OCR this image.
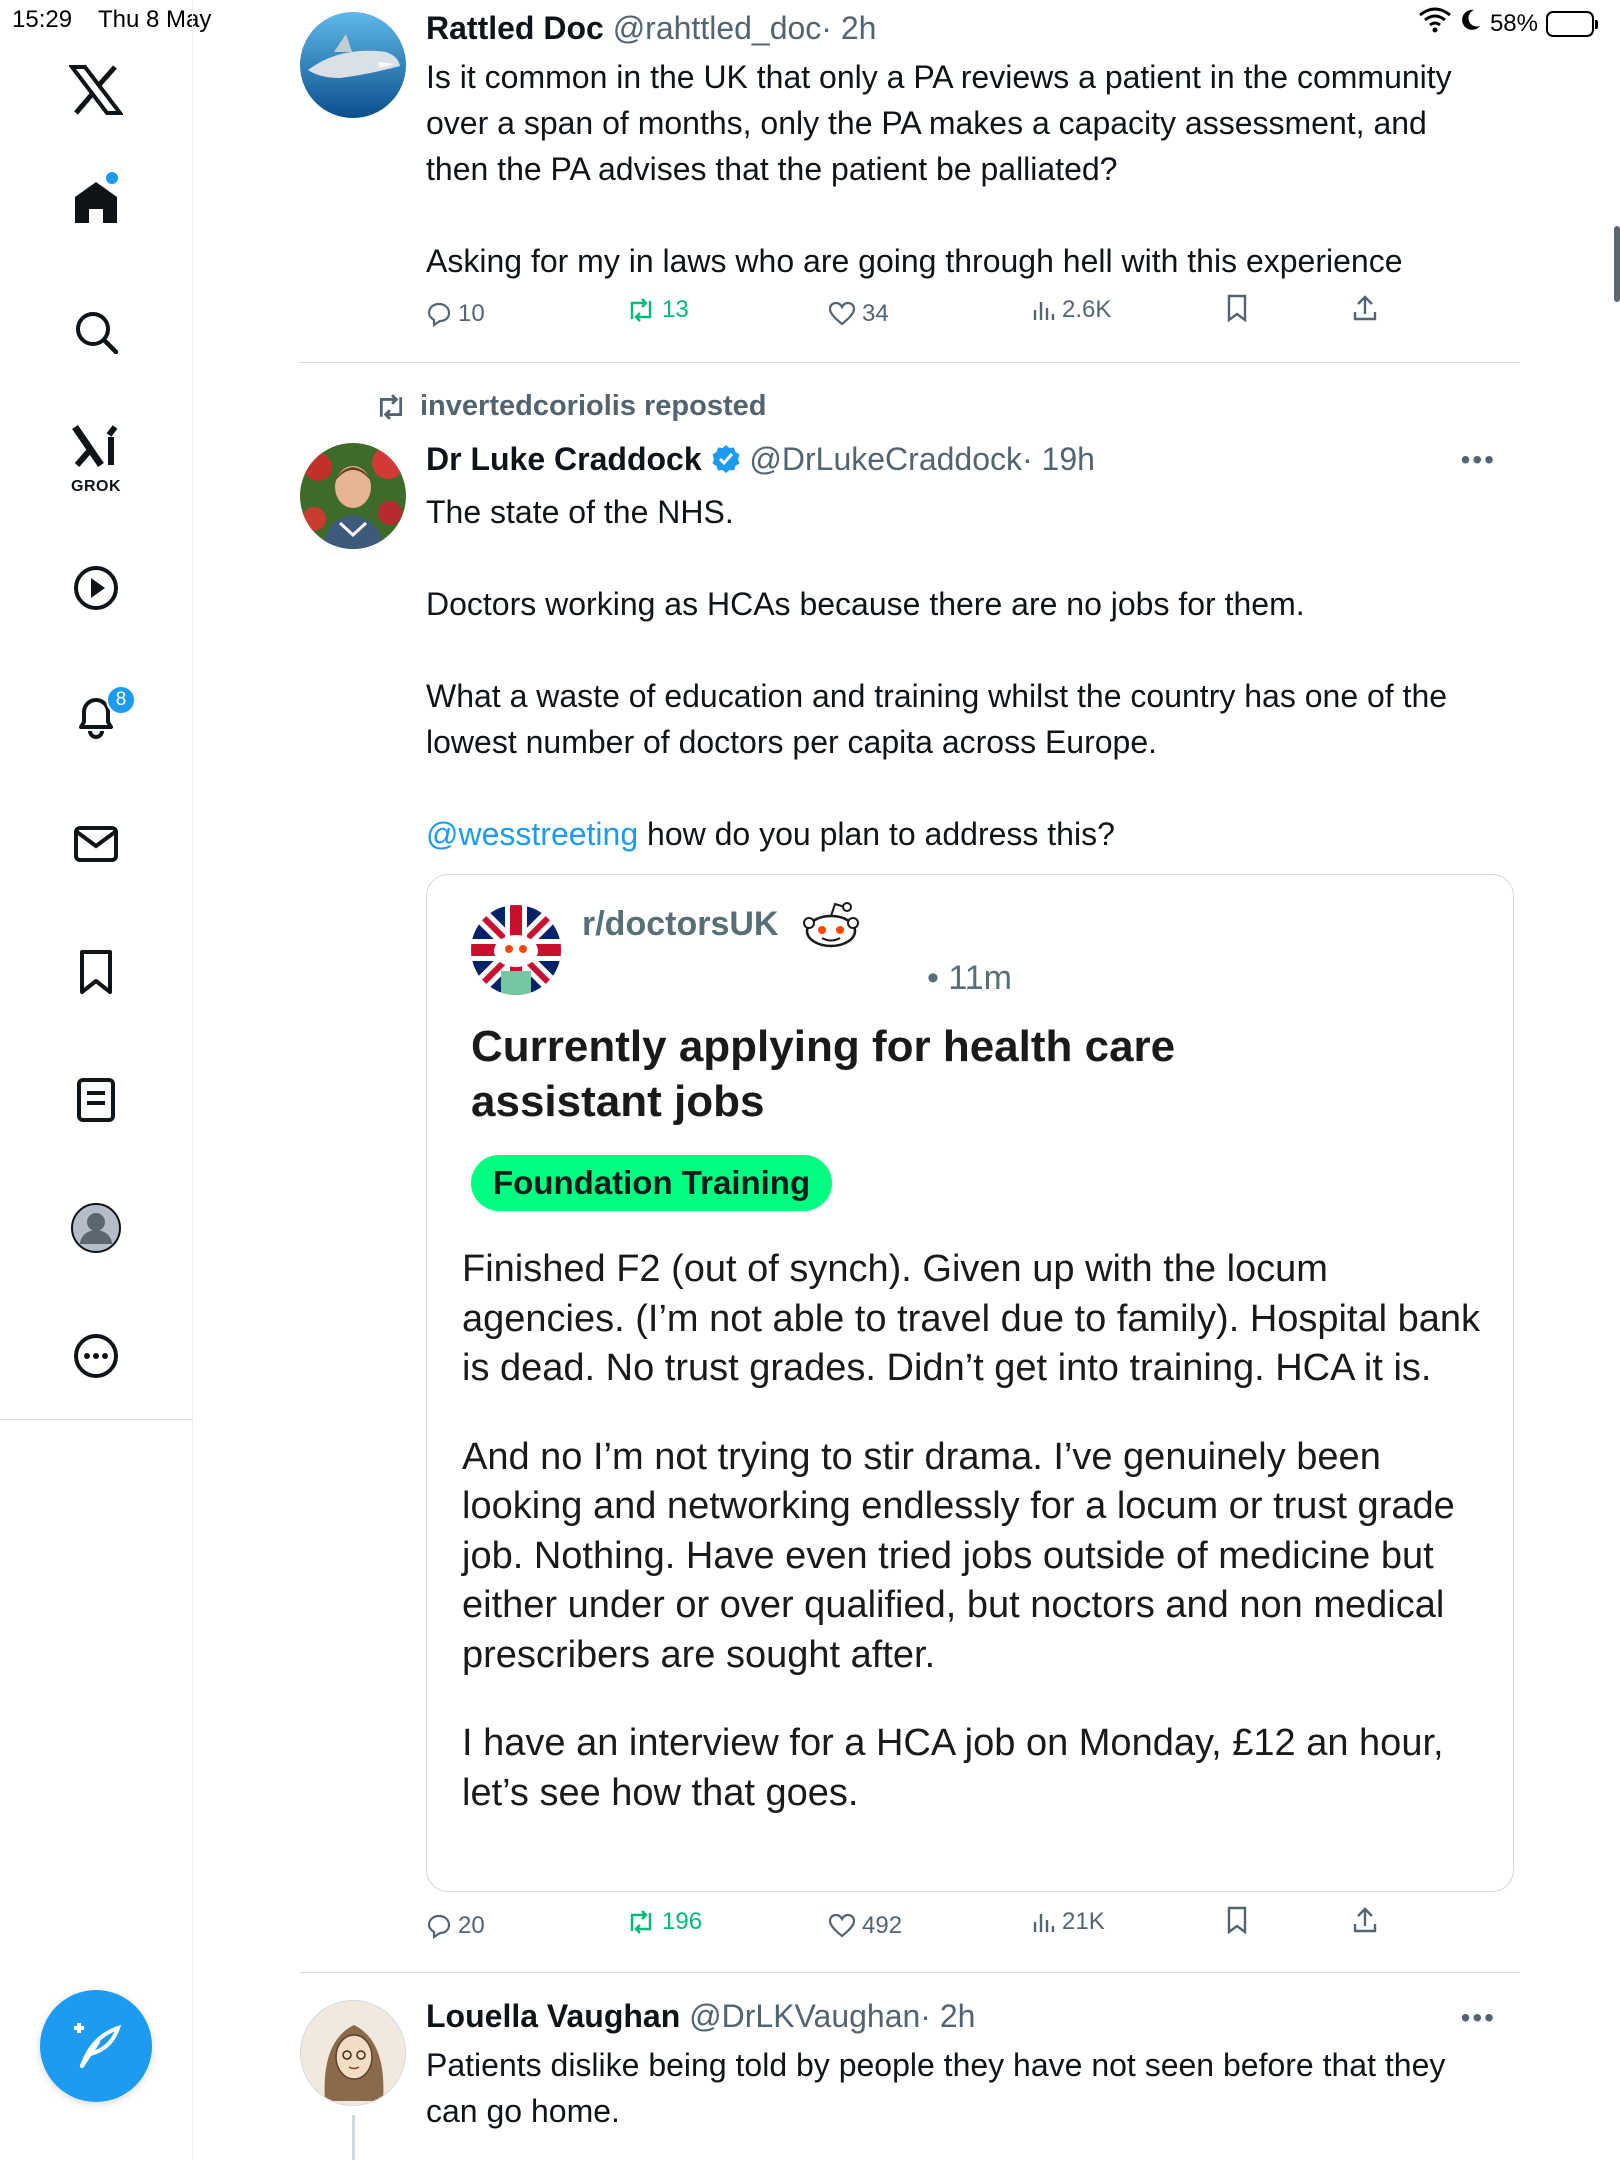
15:29 Thu 8 May	58%
GROK
8
Rattled Doc @rahttled_doc· 2h

Is it common in the UK that only a PA reviews a patient in the community over a span of months, only the PA makes a capacity assessment, and then the PA advises that the patient be palliated?

Asking for my in laws who are going through hell with this experience

10	13	34	2.6K
invertedcoriolis reposted
Dr Luke Craddock @DrLukeCraddock· 19h

The state of the NHS.

Doctors working as HCAs because there are no jobs for them.

What a waste of education and training whilst the country has one of the lowest number of doctors per capita across Europe.

@wesstreeting how do you plan to address this?

•••
r/doctorsUK
• 11m
Currently applying for health care assistant jobs
Foundation Training

Finished F2 (out of synch). Given up with the locum agencies. (I’m not able to travel due to family). Hospital bank is dead. No trust grades. Didn’t get into training. HCA it is.

And no I’m not trying to stir drama. I’ve genuinely been looking and networking endlessly for a locum or trust grade job. Nothing. Have even tried jobs outside of medicine but either under or over qualified, but noctors and non medical prescribers are sought after.

I have an interview for a HCA job on Monday, £12 an hour, let’s see how that goes.

20	196	492	21K
Louella Vaughan @DrLKVaughan· 2h

Patients dislike being told by people they have not seen before that they can go home.

•••
